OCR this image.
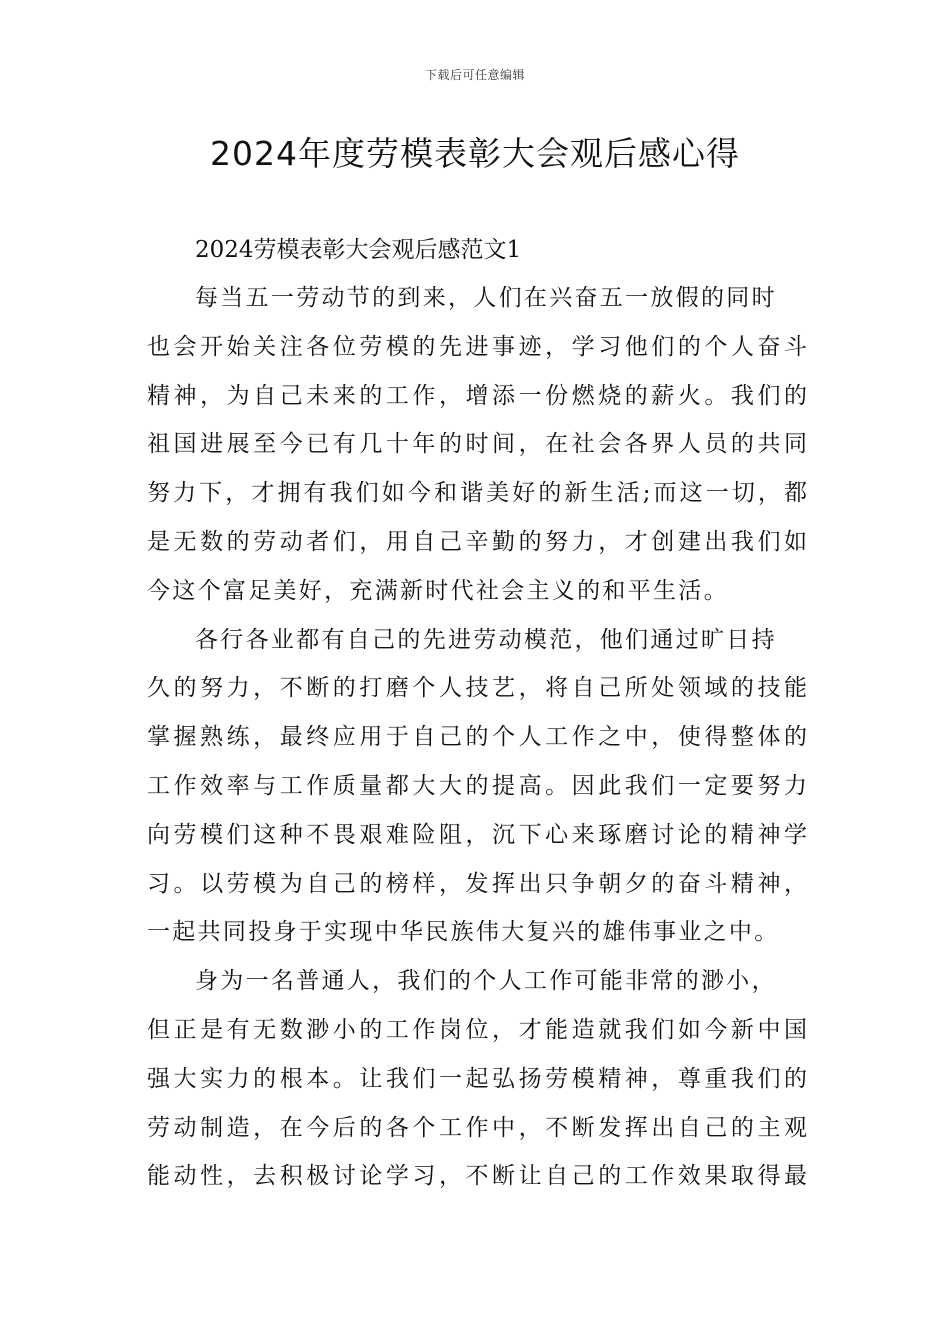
下载后可任意编辑
2024年度劳模表彰大会观后感心得

2024劳模表彰大会观后感范文1

每当五一劳动节的到来，人们在兴奋五一放假的同时
也会开始关注各位劳模的先进事迹，学习他们的个人奋斗
精神，为自己未来的工作，增添一份燃烧的薪火。我们的
祖国进展至今已有几十年的时间，在社会各界人员的共同
努力下，才拥有我们如今和谐美好的新生活;而这一切，都
是无数的劳动者们，用自己辛勤的努力，才创建出我们如
今这个富足美好，充满新时代社会主义的和平生活。

各行各业都有自己的先进劳动模范，他们通过旷日持
久的努力，不断的打磨个人技艺，将自己所处领域的技能
掌握熟练，最终应用于自己的个人工作之中，使得整体的
工作效率与工作质量都大大的提高。因此我们一定要努力
向劳模们这种不畏艰难险阻，沉下心来琢磨讨论的精神学
习。以劳模为自己的榜样，发挥出只争朝夕的奋斗精神，
一起共同投身于实现中华民族伟大复兴的雄伟事业之中。

身为一名普通人，我们的个人工作可能非常的渺小，
但正是有无数渺小的工作岗位，才能造就我们如今新中国
强大实力的根本。让我们一起弘扬劳模精神，尊重我们的
劳动制造，在今后的各个工作中，不断发挥出自己的主观
能动性，去积极讨论学习，不断让自己的工作效果取得最
